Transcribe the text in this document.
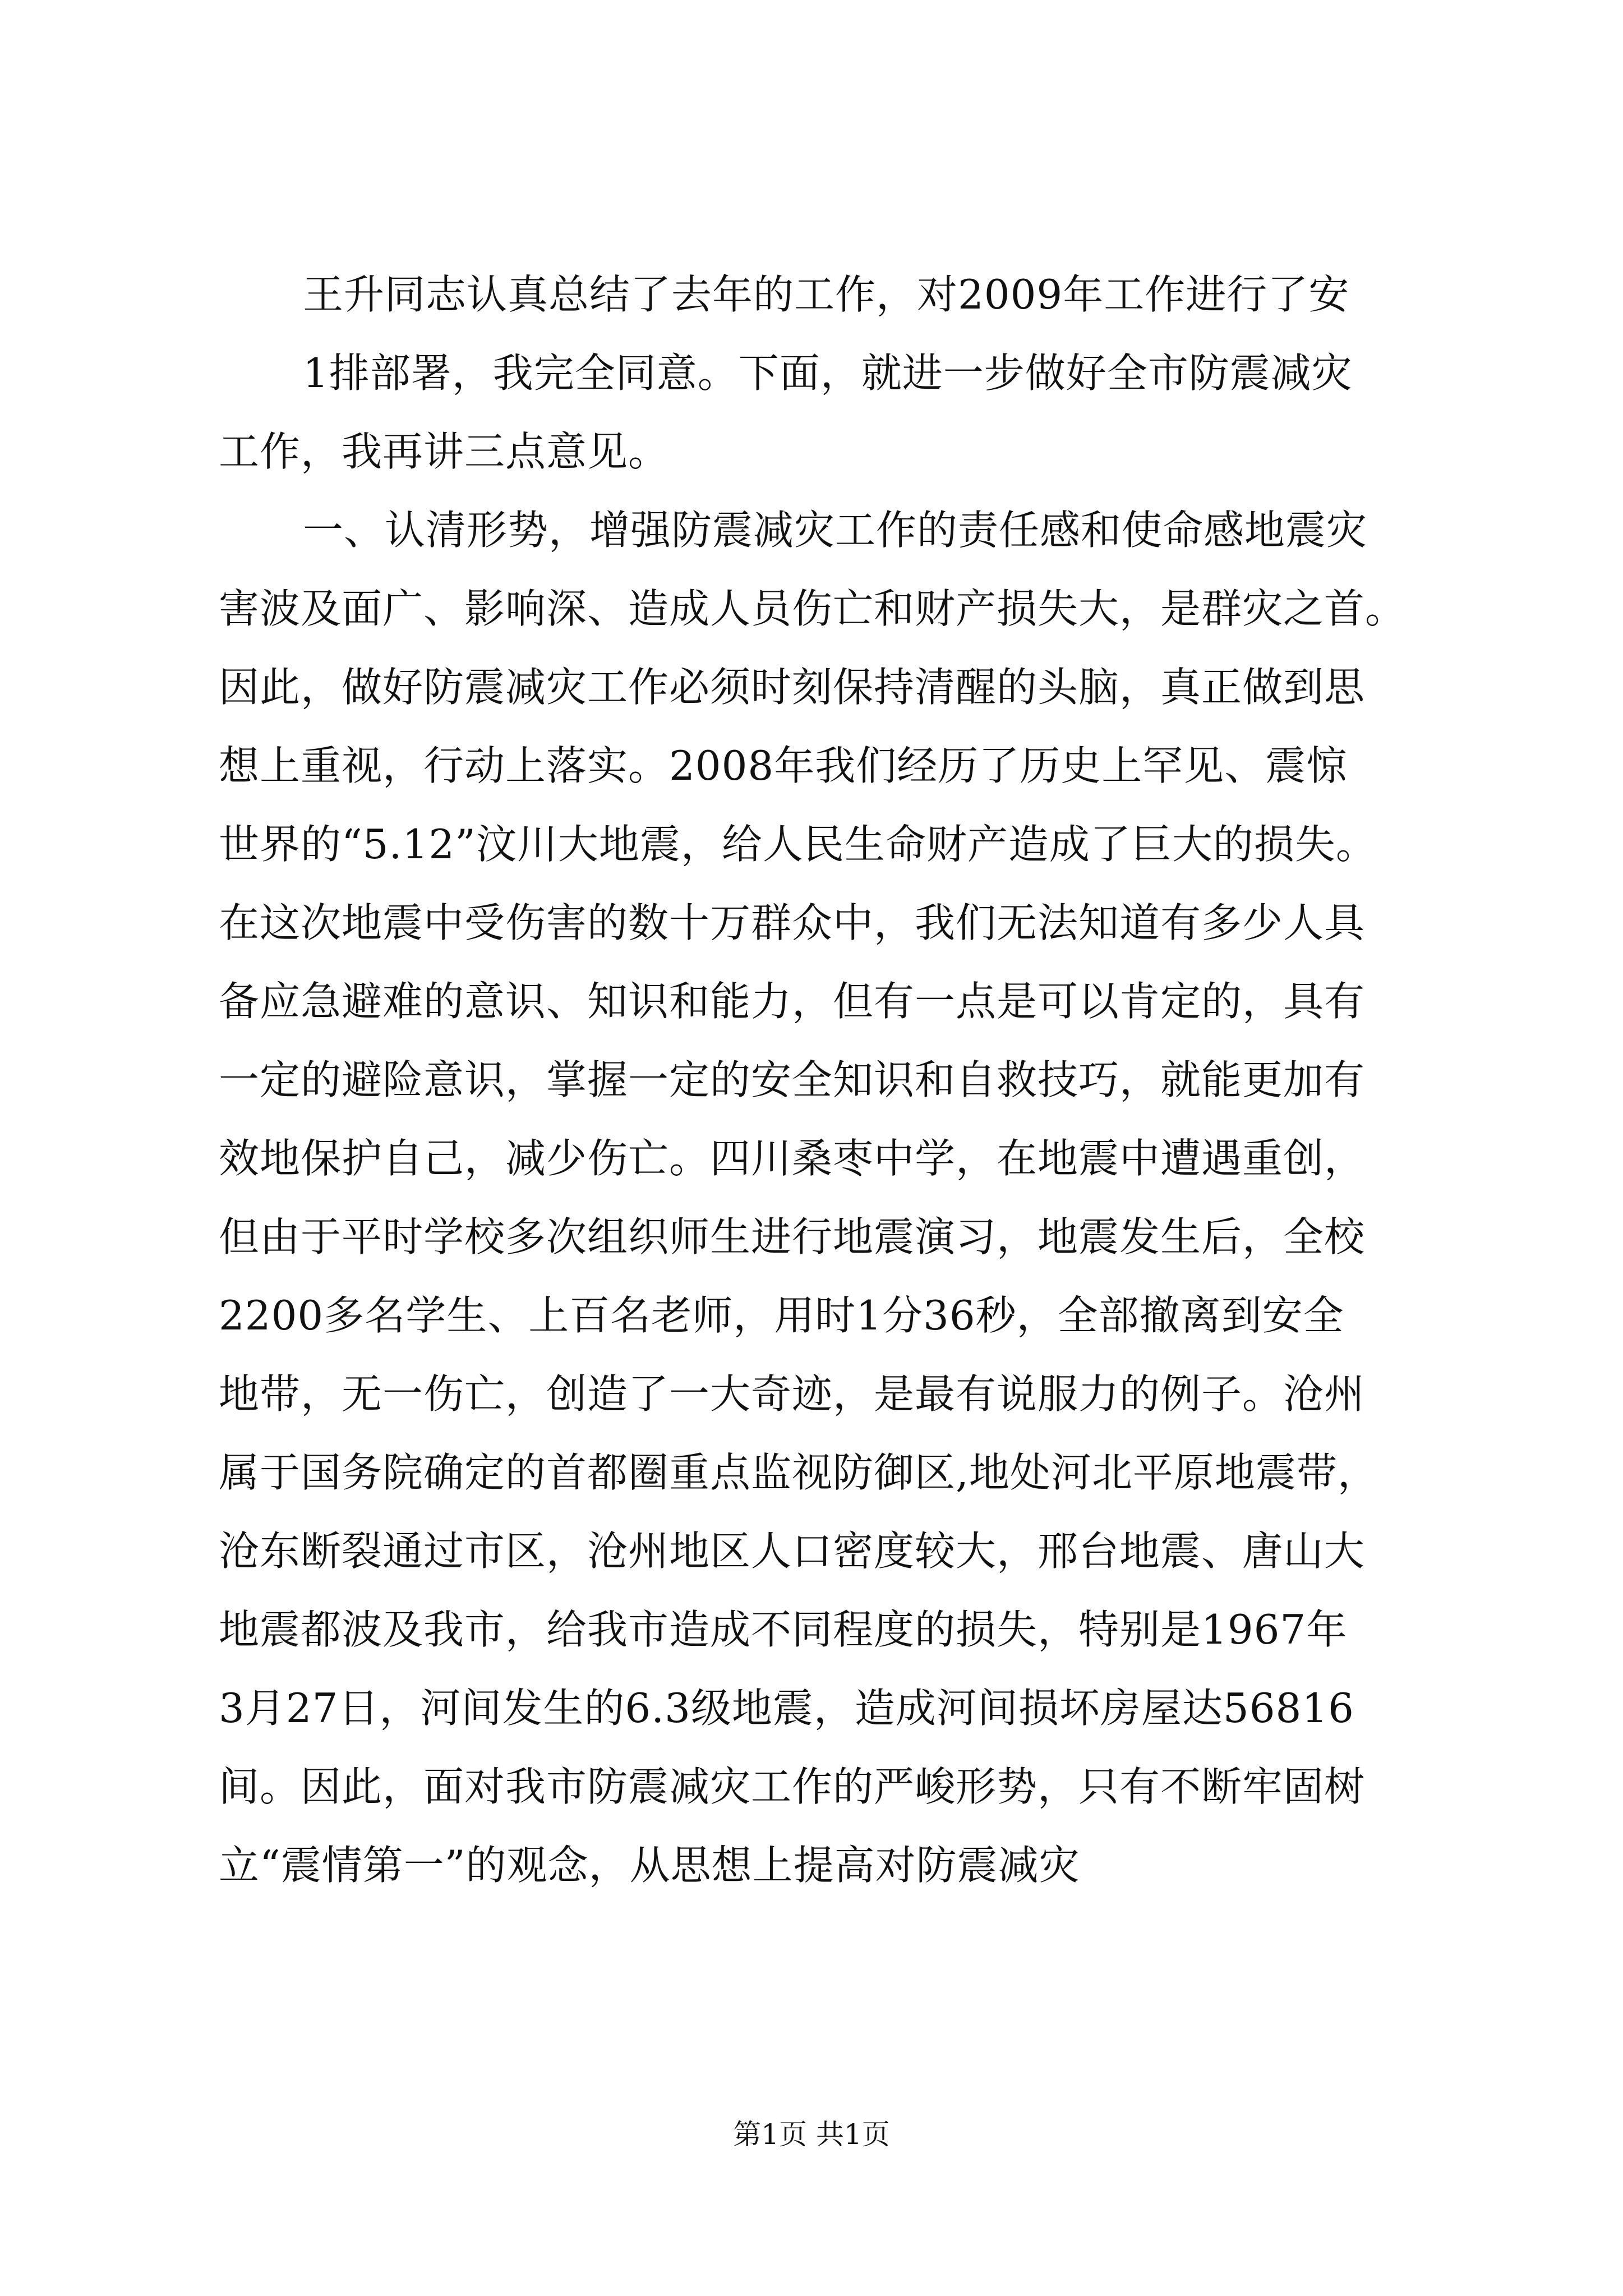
王升同志认真总结了去年的工作，对2009年工作进行了安
1排部署，我完全同意。下面，就进一步做好全市防震减灾
工作，我再讲三点意见。
一、认清形势，增强防震减灾工作的责任感和使命感地震灾
害波及面广、影响深、造成人员伤亡和财产损失大，是群灾之首。
因此，做好防震减灾工作必须时刻保持清醒的头脑，真正做到思
想上重视，行动上落实。2008年我们经历了历史上罕见、震惊
世界的“5.12”汶川大地震，给人民生命财产造成了巨大的损失。
在这次地震中受伤害的数十万群众中，我们无法知道有多少人具
备应急避难的意识、知识和能力，但有一点是可以肯定的，具有
一定的避险意识，掌握一定的安全知识和自救技巧，就能更加有
效地保护自己，减少伤亡。四川桑枣中学，在地震中遭遇重创，
但由于平时学校多次组织师生进行地震演习，地震发生后，全校
2200多名学生、上百名老师，用时1分36秒，全部撤离到安全
地带，无一伤亡，创造了一大奇迹，是最有说服力的例子。沧州
属于国务院确定的首都圈重点监视防御区,地处河北平原地震带，
沧东断裂通过市区，沧州地区人口密度较大，邢台地震、唐山大
地震都波及我市，给我市造成不同程度的损失，特别是1967年
3月27日，河间发生的6.3级地震，造成河间损坏房屋达56816
间。因此，面对我市防震减灾工作的严峻形势，只有不断牢固树
立“震情第一”的观念，从思想上提高对防震减灾
第1页 共1页
